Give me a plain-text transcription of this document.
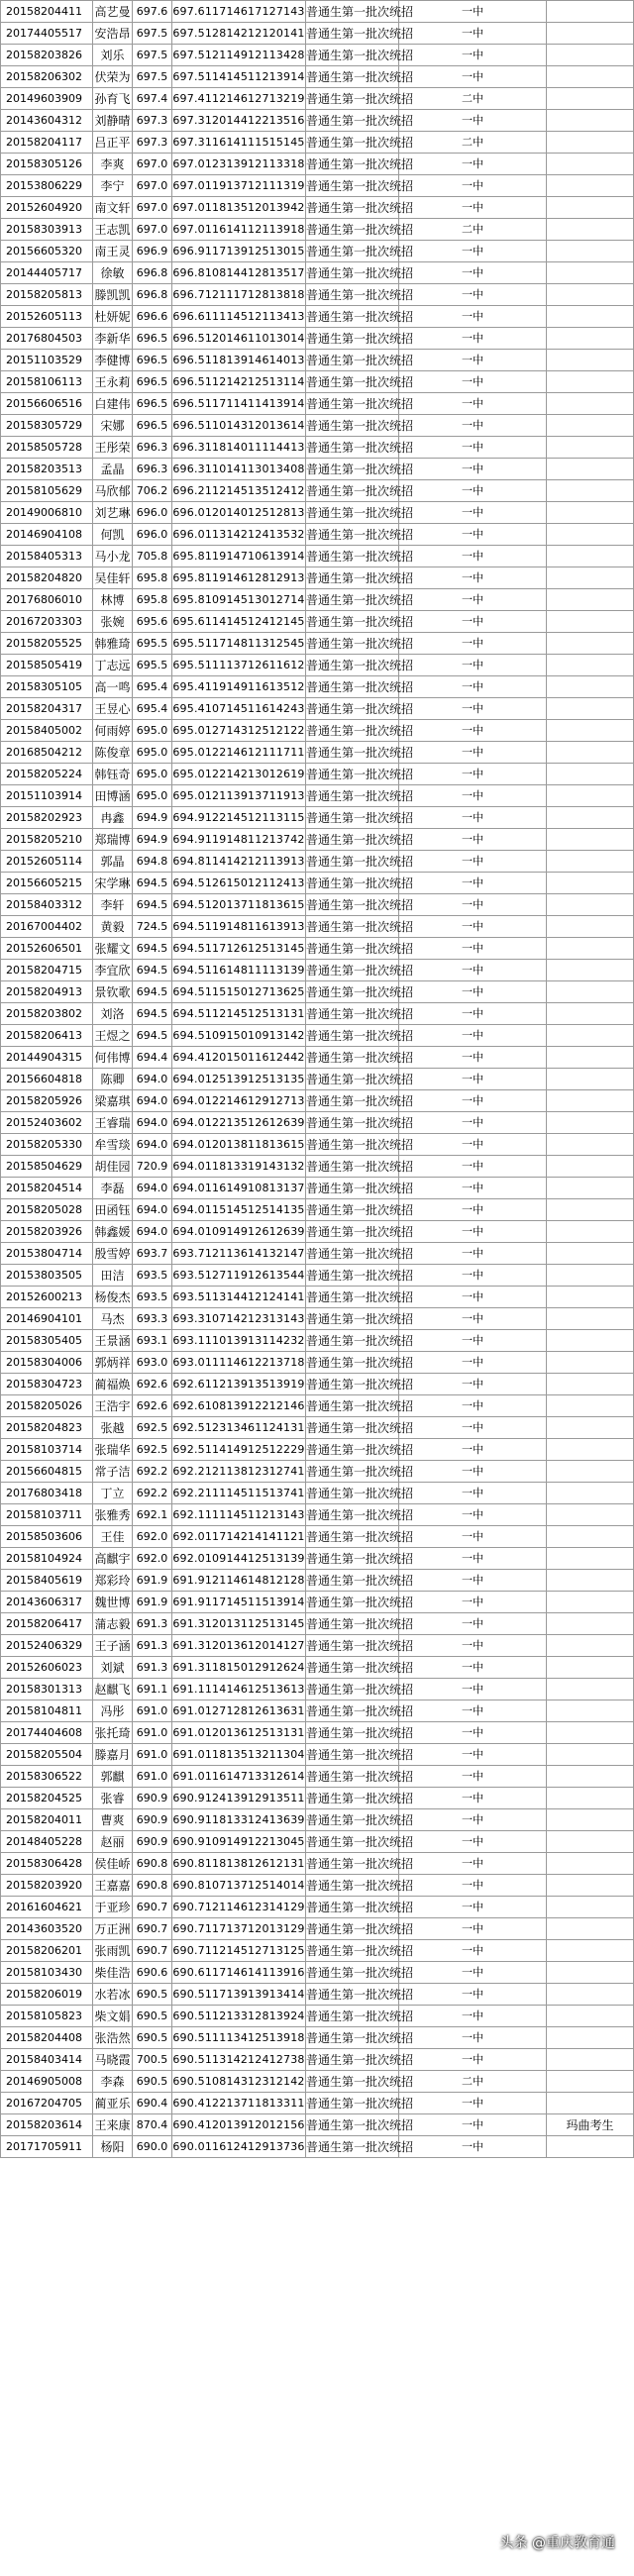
20158204411	高艺曼	697.6	697.611714617127143	普通生第一批次统招	一中	
20174405517	安浩昂	697.5	697.512814212120141	普通生第一批次统招	一中	
20158203826	刘乐	697.5	697.512114912113428	普通生第一批次统招	一中	
20158206302	伏荣为	697.5	697.511414511213914	普通生第一批次统招	一中	
20149603909	孙育飞	697.4	697.411214612713219	普通生第一批次统招	二中	
20143604312	刘静晴	697.3	697.312014412213516	普通生第一批次统招	一中	
20158204117	吕正平	697.3	697.311614111515145	普通生第一批次统招	二中	
20158305126	李爽	697.0	697.012313912113318	普通生第一批次统招	一中	
20153806229	李宁	697.0	697.011913712111319	普通生第一批次统招	一中	
20152604920	南文轩	697.0	697.011813512013942	普通生第一批次统招	一中	
20158303913	王志凯	697.0	697.011614112113918	普通生第一批次统招	二中	
20156605320	南王灵	696.9	696.911713912513015	普通生第一批次统招	一中	
20144405717	徐敏	696.8	696.810814412813517	普通生第一批次统招	一中	
20158205813	滕凯凯	696.8	696.712111712813818	普通生第一批次统招	一中	
20152605113	杜妍妮	696.6	696.611114512113413	普通生第一批次统招	一中	
20176804503	李新华	696.5	696.512014611013014	普通生第一批次统招	一中	
20151103529	李健博	696.5	696.511813914614013	普通生第一批次统招	一中	
20158106113	王永莉	696.5	696.511214212513114	普通生第一批次统招	一中	
20156606516	白建伟	696.5	696.511711411413914	普通生第一批次统招	一中	
20158305729	宋娜	696.5	696.511014312013614	普通生第一批次统招	一中	
20158505728	王彤荣	696.3	696.311814011114413	普通生第一批次统招	一中	
20158203513	孟晶	696.3	696.311014113013408	普通生第一批次统招	一中	
20158105629	马欣郁	706.2	696.211214513512412	普通生第一批次统招	一中	
20149006810	刘艺琳	696.0	696.012014012512813	普通生第一批次统招	一中	
20146904108	何凯	696.0	696.011314212413532	普通生第一批次统招	一中	
20158405313	马小龙	705.8	695.811914710613914	普通生第一批次统招	一中	
20158204820	吴佳轩	695.8	695.811914612812913	普通生第一批次统招	一中	
20176806010	林博	695.8	695.810914513012714	普通生第一批次统招	一中	
20167203303	张婉	695.6	695.611414512412145	普通生第一批次统招	一中	
20158205525	韩雅琦	695.5	695.511714811312545	普通生第一批次统招	一中	
20158505419	丁志远	695.5	695.511113712611612	普通生第一批次统招	一中	
20158305105	高一鸣	695.4	695.411914911613512	普通生第一批次统招	一中	
20158204317	王昱心	695.4	695.410714511614243	普通生第一批次统招	一中	
20158405002	何雨婷	695.0	695.012714312512122	普通生第一批次统招	一中	
20168504212	陈俊章	695.0	695.012214612111711	普通生第一批次统招	一中	
20158205224	韩钰奇	695.0	695.012214213012619	普通生第一批次统招	一中	
20151103914	田博涵	695.0	695.012113913711913	普通生第一批次统招	一中	
20158202923	冉鑫	694.9	694.912214512113115	普通生第一批次统招	一中	
20158205210	郑瑞博	694.9	694.911914811213742	普通生第一批次统招	一中	
20152605114	郭晶	694.8	694.811414212113913	普通生第一批次统招	一中	
20156605215	宋学琳	694.5	694.512615012112413	普通生第一批次统招	一中	
20158403312	李轩	694.5	694.512013711813615	普通生第一批次统招	一中	
20167004402	黄毅	724.5	694.511914811613913	普通生第一批次统招	一中	
20152606501	张耀文	694.5	694.511712612513145	普通生第一批次统招	一中	
20158204715	李宜欣	694.5	694.511614811113139	普通生第一批次统招	一中	
20158204913	景钦歌	694.5	694.511515012713625	普通生第一批次统招	一中	
20158203802	刘洛	694.5	694.511214512513131	普通生第一批次统招	一中	
20158206413	王煜之	694.5	694.510915010913142	普通生第一批次统招	一中	
20144904315	何伟博	694.4	694.412015011612442	普通生第一批次统招	一中	
20156604818	陈卿	694.0	694.012513912513135	普通生第一批次统招	一中	
20158205926	梁嘉琪	694.0	694.012214612912713	普通生第一批次统招	一中	
20152403602	王睿瑞	694.0	694.012213512612639	普通生第一批次统招	一中	
20158205330	牟雪琰	694.0	694.012013811813615	普通生第一批次统招	一中	
20158504629	胡佳园	720.9	694.011813319143132	普通生第一批次统招	一中	
20158204514	李磊	694.0	694.011614910813137	普通生第一批次统招	一中	
20158205028	田函钰	694.0	694.011514512514135	普通生第一批次统招	一中	
20158203926	韩鑫媛	694.0	694.010914912612639	普通生第一批次统招	一中	
20153804714	殷雪婷	693.7	693.712113614132147	普通生第一批次统招	一中	
20153803505	田洁	693.5	693.512711912613544	普通生第一批次统招	一中	
20152600213	杨俊杰	693.5	693.511314412124141	普通生第一批次统招	一中	
20146904101	马杰	693.3	693.310714212313143	普通生第一批次统招	一中	
20158305405	王景涵	693.1	693.111013913114232	普通生第一批次统招	一中	
20158304006	郭炳祥	693.0	693.011114612213718	普通生第一批次统招	一中	
20158304723	蔺福焕	692.6	692.611213913513919	普通生第一批次统招	一中	
20158205026	王浩宇	692.6	692.610813912212146	普通生第一批次统招	一中	
20158204823	张越	692.5	692.512313461124131	普通生第一批次统招	一中	
20158103714	张瑞华	692.5	692.511414912512229	普通生第一批次统招	一中	
20156604815	常子洁	692.2	692.212113812312741	普通生第一批次统招	一中	
20176803418	丁立	692.2	692.211114511513741	普通生第一批次统招	一中	
20158103711	张雅秀	692.1	692.111114511213143	普通生第一批次统招	一中	
20158503606	王佳	692.0	692.011714214141121	普通生第一批次统招	一中	
20158104924	高麒宇	692.0	692.010914412513139	普通生第一批次统招	一中	
20158405619	郑彩玲	691.9	691.912114614812128	普通生第一批次统招	一中	
20143606317	魏世博	691.9	691.911714511513914	普通生第一批次统招	一中	
20158206417	蒲志毅	691.3	691.312013112513145	普通生第一批次统招	一中	
20152406329	王子涵	691.3	691.312013612014127	普通生第一批次统招	一中	
20152606023	刘斌	691.3	691.311815012912624	普通生第一批次统招	一中	
20158301313	赵麒飞	691.1	691.111414612513613	普通生第一批次统招	一中	
20158104811	冯彤	691.0	691.012712812613631	普通生第一批次统招	一中	
20174404608	张托琦	691.0	691.012013612513131	普通生第一批次统招	一中	
20158205504	滕嘉月	691.0	691.011813513211304	普通生第一批次统招	一中	
20158306522	郭麒	691.0	691.011614713312614	普通生第一批次统招	一中	
20158204525	张睿	690.9	690.912413912913511	普通生第一批次统招	一中	
20158204011	曹爽	690.9	690.911813312413639	普通生第一批次统招	一中	
20148405228	赵丽	690.9	690.910914912213045	普通生第一批次统招	一中	
20158306428	侯佳峤	690.8	690.811813812612131	普通生第一批次统招	一中	
20158203920	王嘉嘉	690.8	690.810713712514014	普通生第一批次统招	一中	
20161604621	于亚珍	690.7	690.712114612314129	普通生第一批次统招	一中	
20143603520	万正洲	690.7	690.711713712013129	普通生第一批次统招	一中	
20158206201	张雨凯	690.7	690.711214512713125	普通生第一批次统招	一中	
20158103430	柴佳浩	690.6	690.611714614113916	普通生第一批次统招	一中	
20158206019	水若冰	690.5	690.511713913913414	普通生第一批次统招	一中	
20158105823	柴文娟	690.5	690.511213312813924	普通生第一批次统招	一中	
20158204408	张浩然	690.5	690.511113412513918	普通生第一批次统招	一中	
20158403414	马晓霞	700.5	690.511314212412738	普通生第一批次统招	一中	
20146905008	李森	690.5	690.510814312312142	普通生第一批次统招	二中	
20167204705	蔺亚乐	690.4	690.412213711813311	普通生第一批次统招	一中	
20158203614	王来康	870.4	690.412013912012156	普通生第一批次统招	一中	玛曲考生
20171705911	杨阳	690.0	690.011612412913736	普通生第一批次统招	一中	
头条 @重庆教育通
